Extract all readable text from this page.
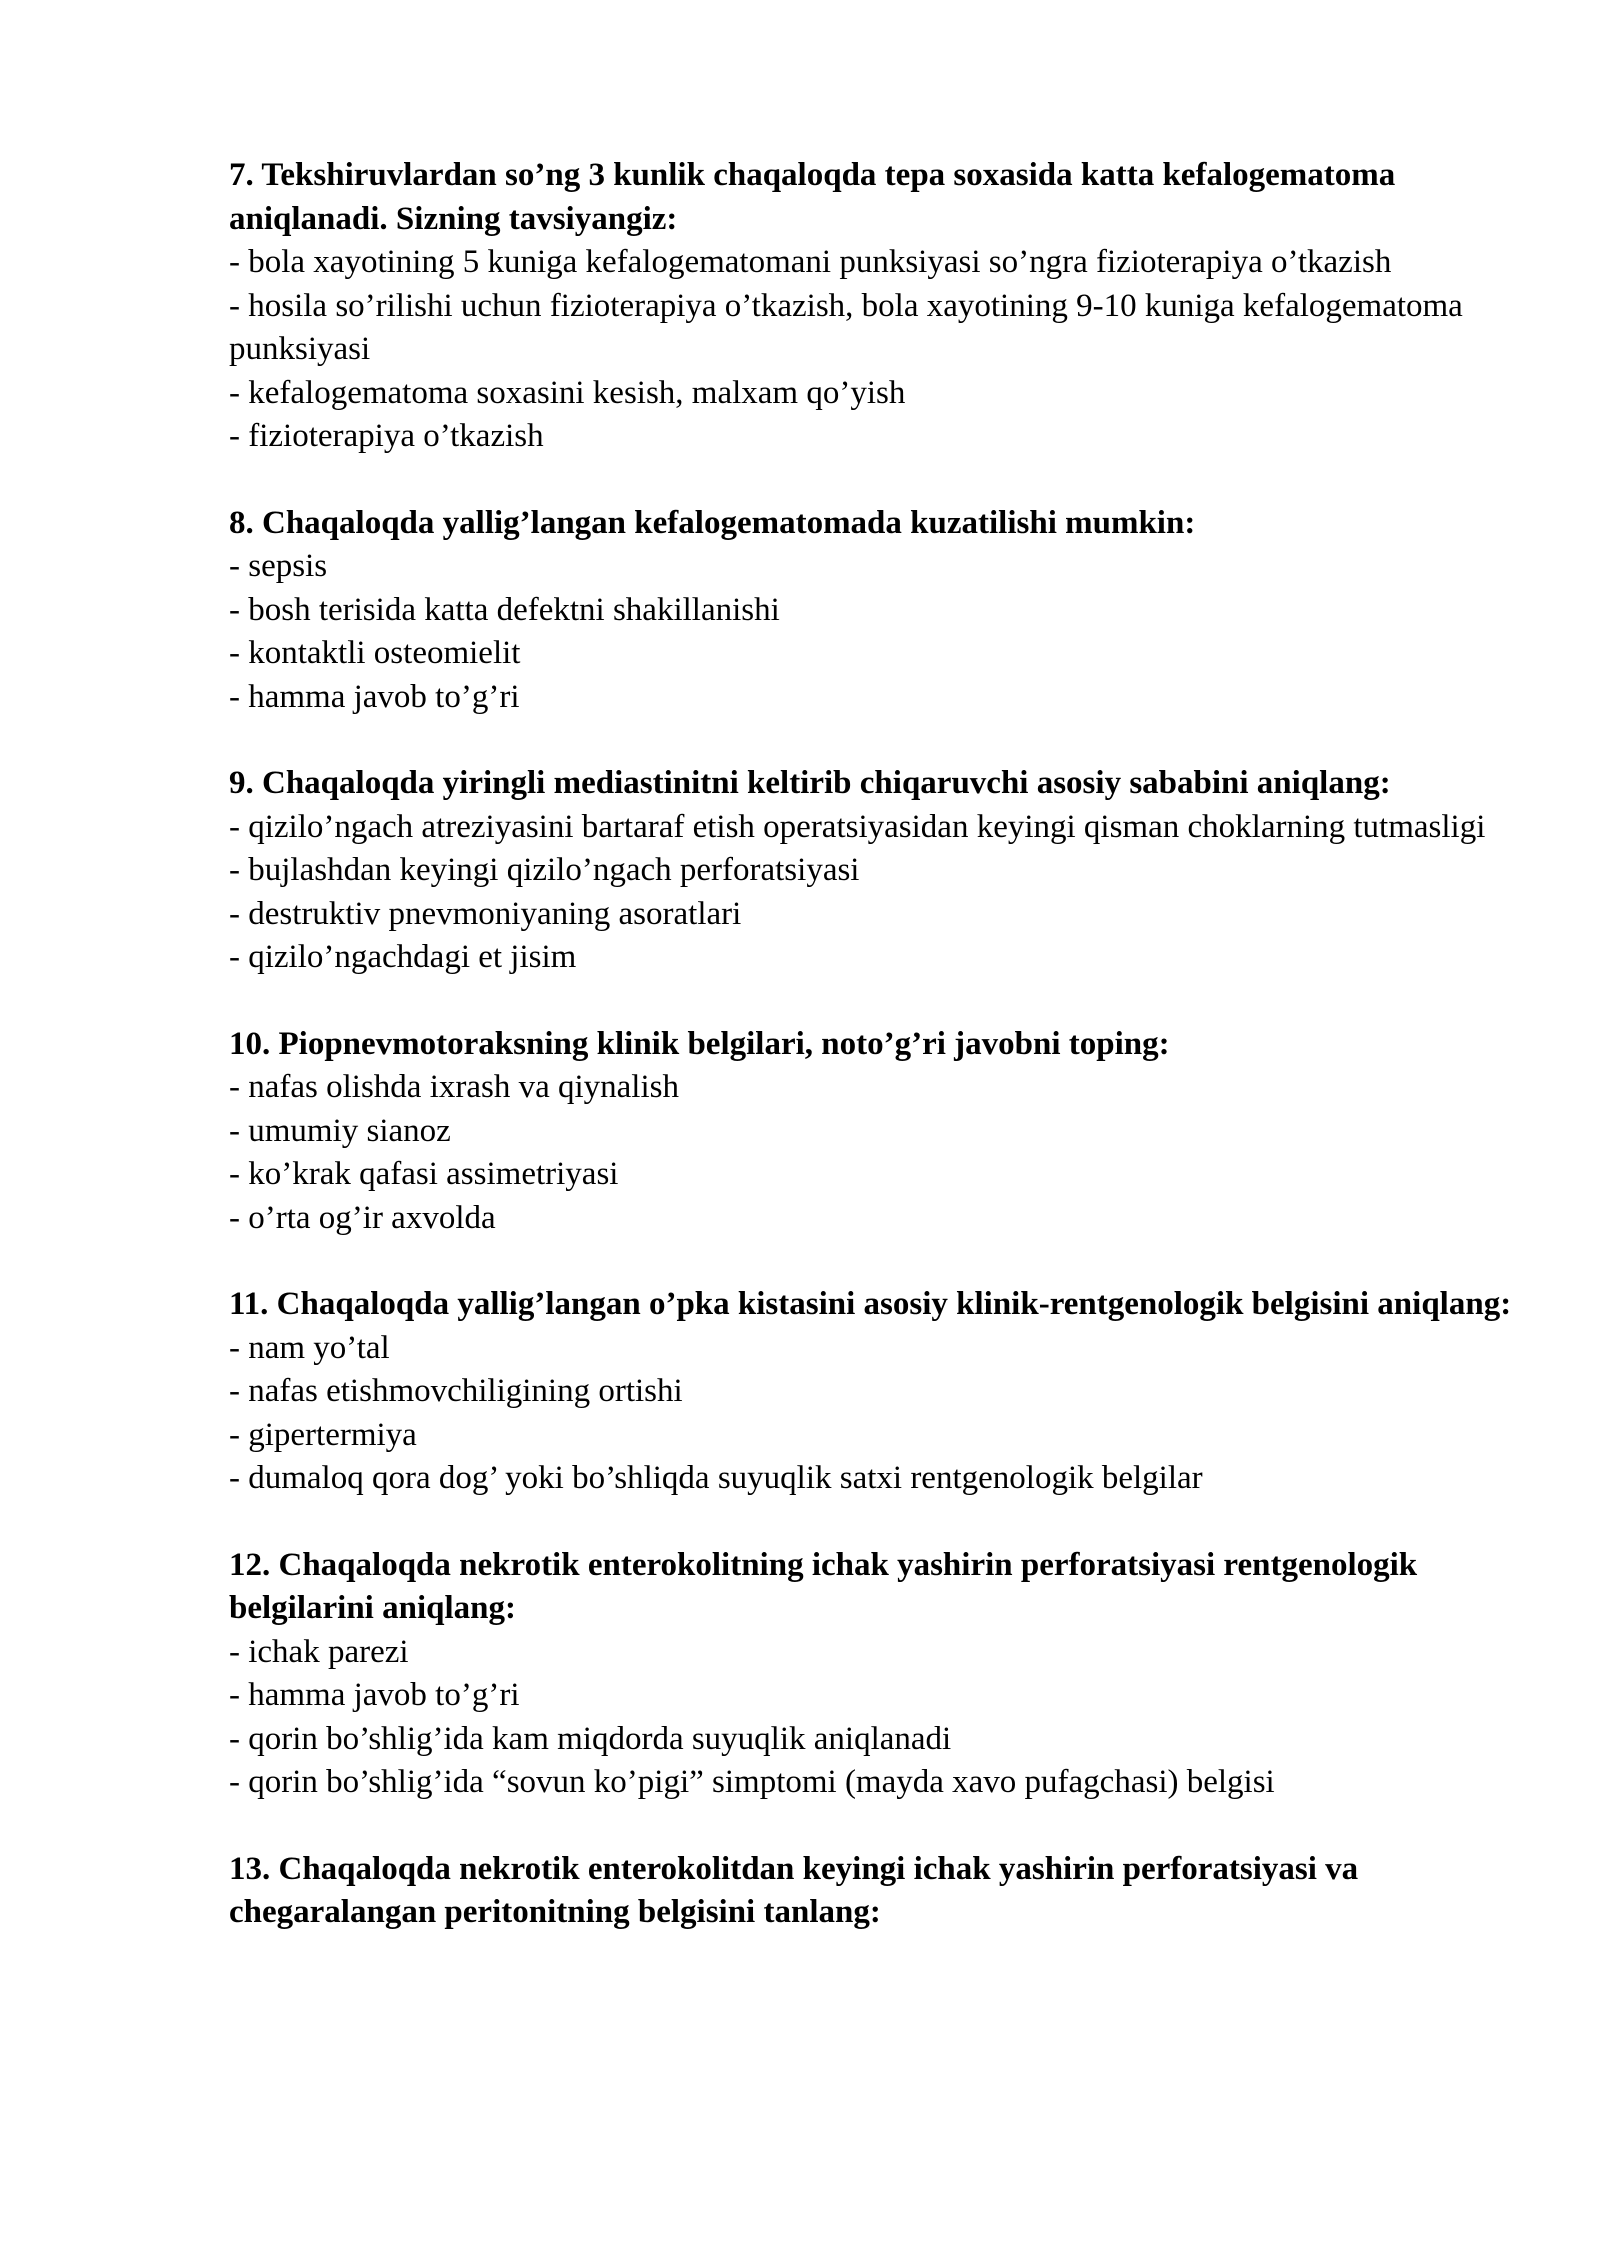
7. Tekshiruvlardan so’ng 3 kunlik chaqaloqda tepa soxasida katta kefalogematoma aniqlanadi. Sizning tavsiyangiz:

- bola xayotining 5 kuniga kefalogematomani punksiyasi so’ngra fizioterapiya o’tkazish

- hosila so’rilishi uchun fizioterapiya o’tkazish, bola xayotining 9-10 kuniga kefalogematoma punksiyasi

- kefalogematoma soxasini kesish, malxam qo’yish

- fizioterapiya o’tkazish

8. Chaqaloqda yallig’langan kefalogematomada kuzatilishi mumkin:

- sepsis

- bosh terisida katta defektni shakillanishi

- kontaktli osteomielit

- hamma javob to’g’ri

9. Chaqaloqda yiringli mediastinitni keltirib chiqaruvchi asosiy sababini aniqlang:

- qizilo’ngach atreziyasini bartaraf etish operatsiyasidan keyingi qisman choklarning tutmasligi

- bujlashdan keyingi qizilo’ngach perforatsiyasi

- destruktiv pnevmoniyaning asoratlari

- qizilo’ngachdagi et jisim

10. Piopnevmotoraksning klinik belgilari, noto’g’ri javobni toping:

- nafas olishda ixrash va qiynalish

- umumiy sianoz

- ko’krak qafasi assimetriyasi

- o’rta og’ir axvolda

11. Chaqaloqda yallig’langan o’pka kistasini asosiy klinik-rentgenologik belgisini aniqlang:

- nam yo’tal

- nafas etishmovchiligining ortishi

- gipertermiya

- dumaloq qora dog’ yoki bo’shliqda suyuqlik satxi rentgenologik belgilar

12. Chaqaloqda nekrotik enterokolitning ichak yashirin perforatsiyasi rentgenologik belgilarini aniqlang:

- ichak parezi

- hamma javob to’g’ri

- qorin bo’shlig’ida kam miqdorda suyuqlik aniqlanadi

- qorin bo’shlig’ida “sovun ko’pigi” simptomi (mayda xavo pufagchasi) belgisi

13. Chaqaloqda nekrotik enterokolitdan keyingi ichak yashirin perforatsiyasi va chegaralangan peritonitning belgisini tanlang:
